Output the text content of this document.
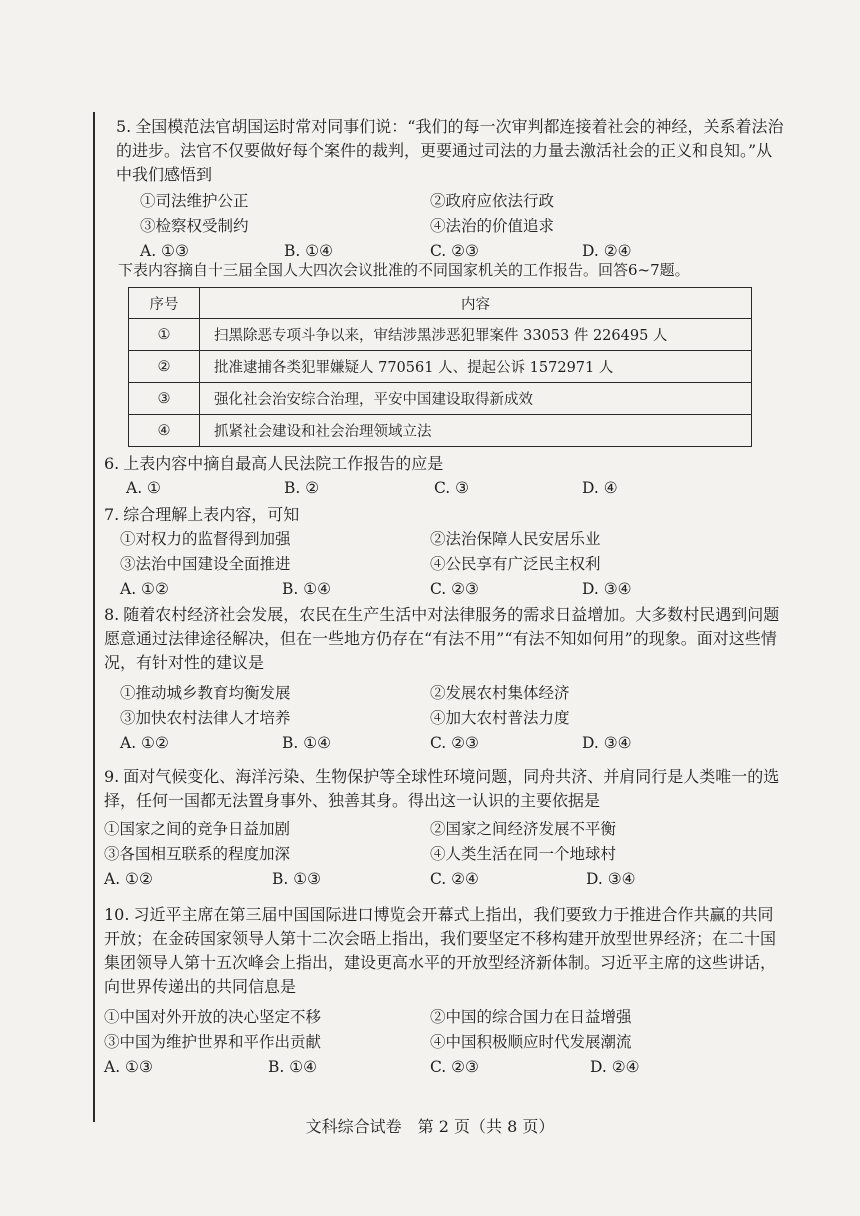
5. 全国模范法官胡国运时常对同事们说：“我们的每一次审判都连接着社会的神经，关系着法治的进步。法官不仅要做好每个案件的裁判，更要通过司法的力量去激活社会的正义和良知。”从中我们感悟到
①司法维护公正	②政府应依法行政
③检察权受制约	④法治的价值追求
A. ①③	B. ①④	C. ②③	D. ②④
下表内容摘自十三届全国人大四次会议批准的不同国家机关的工作报告。回答6~7题。
序号	内容
①	扫黑除恶专项斗争以来，审结涉黑涉恶犯罪案件 33053 件 226495 人
②	批准逮捕各类犯罪嫌疑人 770561 人、提起公诉 1572971 人
③	强化社会治安综合治理，平安中国建设取得新成效
④	抓紧社会建设和社会治理领域立法
6. 上表内容中摘自最高人民法院工作报告的应是
A. ①	B. ②	C. ③	D. ④
7. 综合理解上表内容，可知
①对权力的监督得到加强	②法治保障人民安居乐业
③法治中国建设全面推进	④公民享有广泛民主权利
A. ①②	B. ①④	C. ②③	D. ③④
8. 随着农村经济社会发展，农民在生产生活中对法律服务的需求日益增加。大多数村民遇到问题愿意通过法律途径解决，但在一些地方仍存在“有法不用”“有法不知如何用”的现象。面对这些情况，有针对性的建议是
①推动城乡教育均衡发展	②发展农村集体经济
③加快农村法律人才培养	④加大农村普法力度
A. ①②	B. ①④	C. ②③	D. ③④
9. 面对气候变化、海洋污染、生物保护等全球性环境问题，同舟共济、并肩同行是人类唯一的选择，任何一国都无法置身事外、独善其身。得出这一认识的主要依据是
①国家之间的竞争日益加剧	②国家之间经济发展不平衡
③各国相互联系的程度加深	④人类生活在同一个地球村
A. ①②	B. ①③	C. ②④	D. ③④
10. 习近平主席在第三届中国国际进口博览会开幕式上指出，我们要致力于推进合作共赢的共同开放；在金砖国家领导人第十二次会晤上指出，我们要坚定不移构建开放型世界经济；在二十国集团领导人第十五次峰会上指出，建设更高水平的开放型经济新体制。习近平主席的这些讲话，向世界传递出的共同信息是
①中国对外开放的决心坚定不移	②中国的综合国力在日益增强
③中国为维护世界和平作出贡献	④中国积极顺应时代发展潮流
A. ①③	B. ①④	C. ②③	D. ②④
文科综合试卷　第 2 页（共 8 页）
